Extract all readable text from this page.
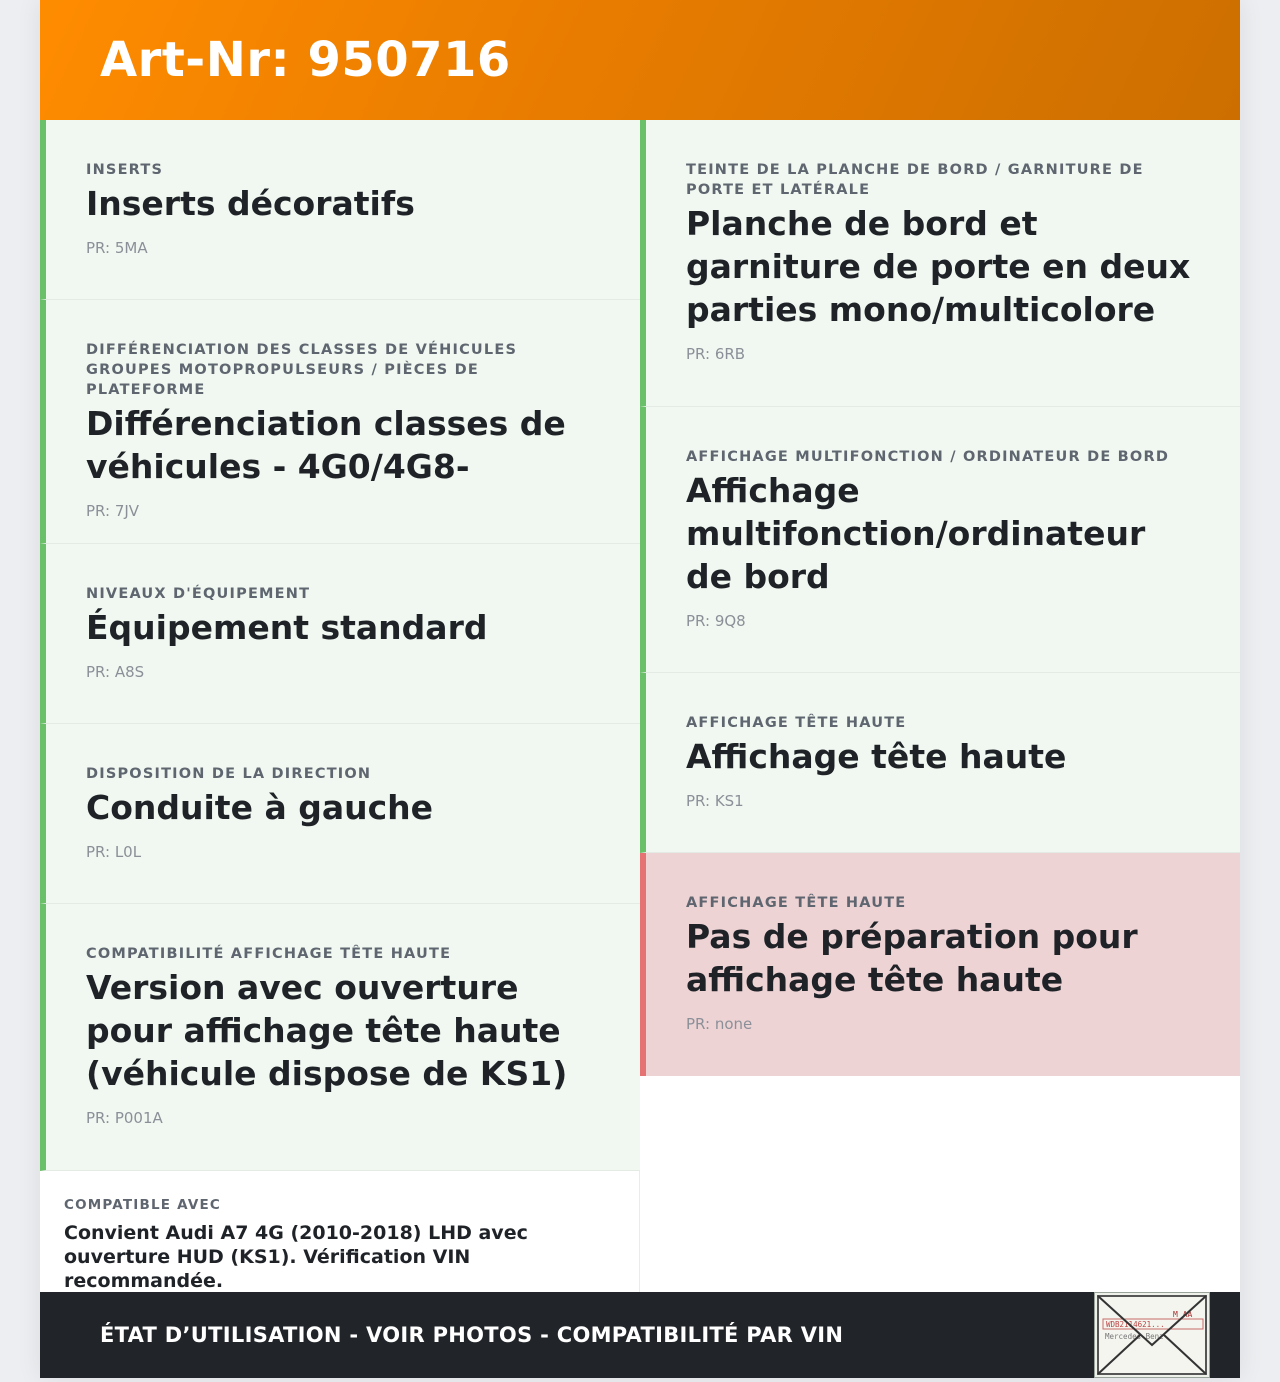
Art-Nr: 950716
INSERTS
Inserts décoratifs
PR: 5MA
DIFFÉRENCIATION DES CLASSES DE VÉHICULES GROUPES MOTOPROPULSEURS / PIÈCES DE PLATEFORME
Différenciation classes de véhicules - 4G0/4G8-
PR: 7JV
NIVEAUX D'ÉQUIPEMENT
Équipement standard
PR: A8S
DISPOSITION DE LA DIRECTION
Conduite à gauche
PR: L0L
COMPATIBILITÉ AFFICHAGE TÊTE HAUTE
Version avec ouverture pour affichage tête haute (véhicule dispose de KS1)
PR: P001A
COMPATIBLE AVEC
Convient Audi A7 4G (2010-2018) LHD avec ouverture HUD (KS1). Vérification VIN recommandée.
TEINTE DE LA PLANCHE DE BORD / GARNITURE DE PORTE ET LATÉRALE
Planche de bord et garniture de porte en deux parties mono/multicolore
PR: 6RB
AFFICHAGE MULTIFONCTION / ORDINATEUR DE BORD
Affichage multifonction/ordinateur de bord
PR: 9Q8
AFFICHAGE TÊTE HAUTE
Affichage tête haute
PR: KS1
AFFICHAGE TÊTE HAUTE
Pas de préparation pour affichage tête haute
PR: none
ÉTAT D’UTILISATION - VOIR PHOTOS - COMPATIBILITÉ PAR VIN
M AA
WDB2114621...
Mercedes-Benz
